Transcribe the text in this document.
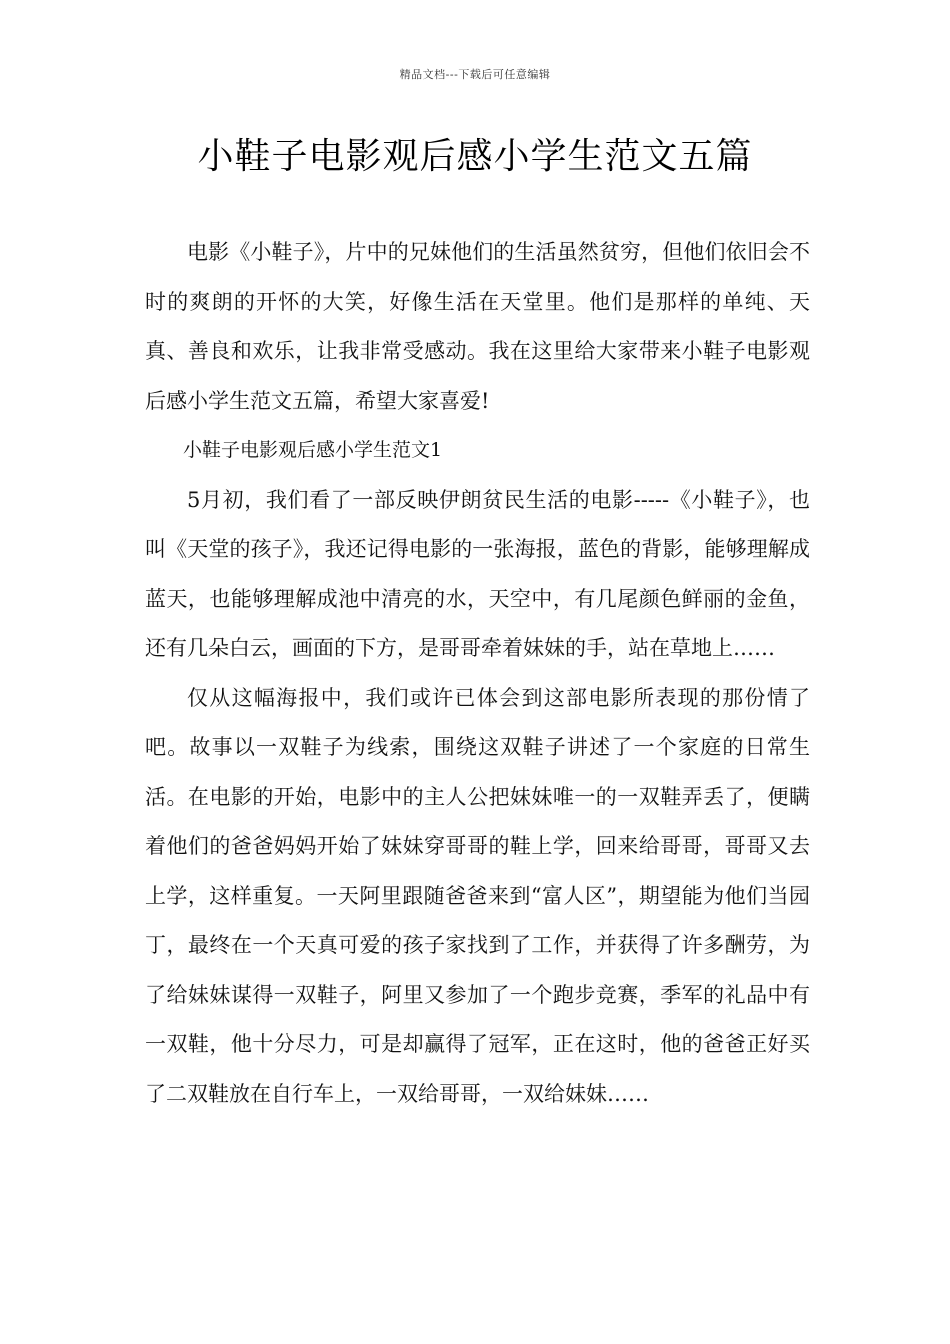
精品文档---下载后可任意编辑
小鞋子电影观后感小学生范文五篇

电影《小鞋子》，片中的兄妹他们的生活虽然贫穷，但他们依旧会不时的爽朗的开怀的大笑，好像生活在天堂里。他们是那样的单纯、天真、善良和欢乐，让我非常受感动。我在这里给大家带来小鞋子电影观后感小学生范文五篇，希望大家喜爱!

小鞋子电影观后感小学生范文1

5月初，我们看了一部反映伊朗贫民生活的电影-----《小鞋子》，也叫《天堂的孩子》，我还记得电影的一张海报，蓝色的背影，能够理解成蓝天，也能够理解成池中清亮的水，天空中，有几尾颜色鲜丽的金鱼，还有几朵白云，画面的下方，是哥哥牵着妹妹的手，站在草地上……

仅从这幅海报中，我们或许已体会到这部电影所表现的那份情了吧。故事以一双鞋子为线索，围绕这双鞋子讲述了一个家庭的日常生活。在电影的开始，电影中的主人公把妹妹唯一的一双鞋弄丢了，便瞒着他们的爸爸妈妈开始了妹妹穿哥哥的鞋上学，回来给哥哥，哥哥又去上学，这样重复。一天阿里跟随爸爸来到“富人区”，期望能为他们当园丁，最终在一个天真可爱的孩子家找到了工作，并获得了许多酬劳，为了给妹妹谋得一双鞋子，阿里又参加了一个跑步竞赛，季军的礼品中有一双鞋，他十分尽力，可是却赢得了冠军，正在这时，他的爸爸正好买了二双鞋放在自行车上，一双给哥哥，一双给妹妹……
